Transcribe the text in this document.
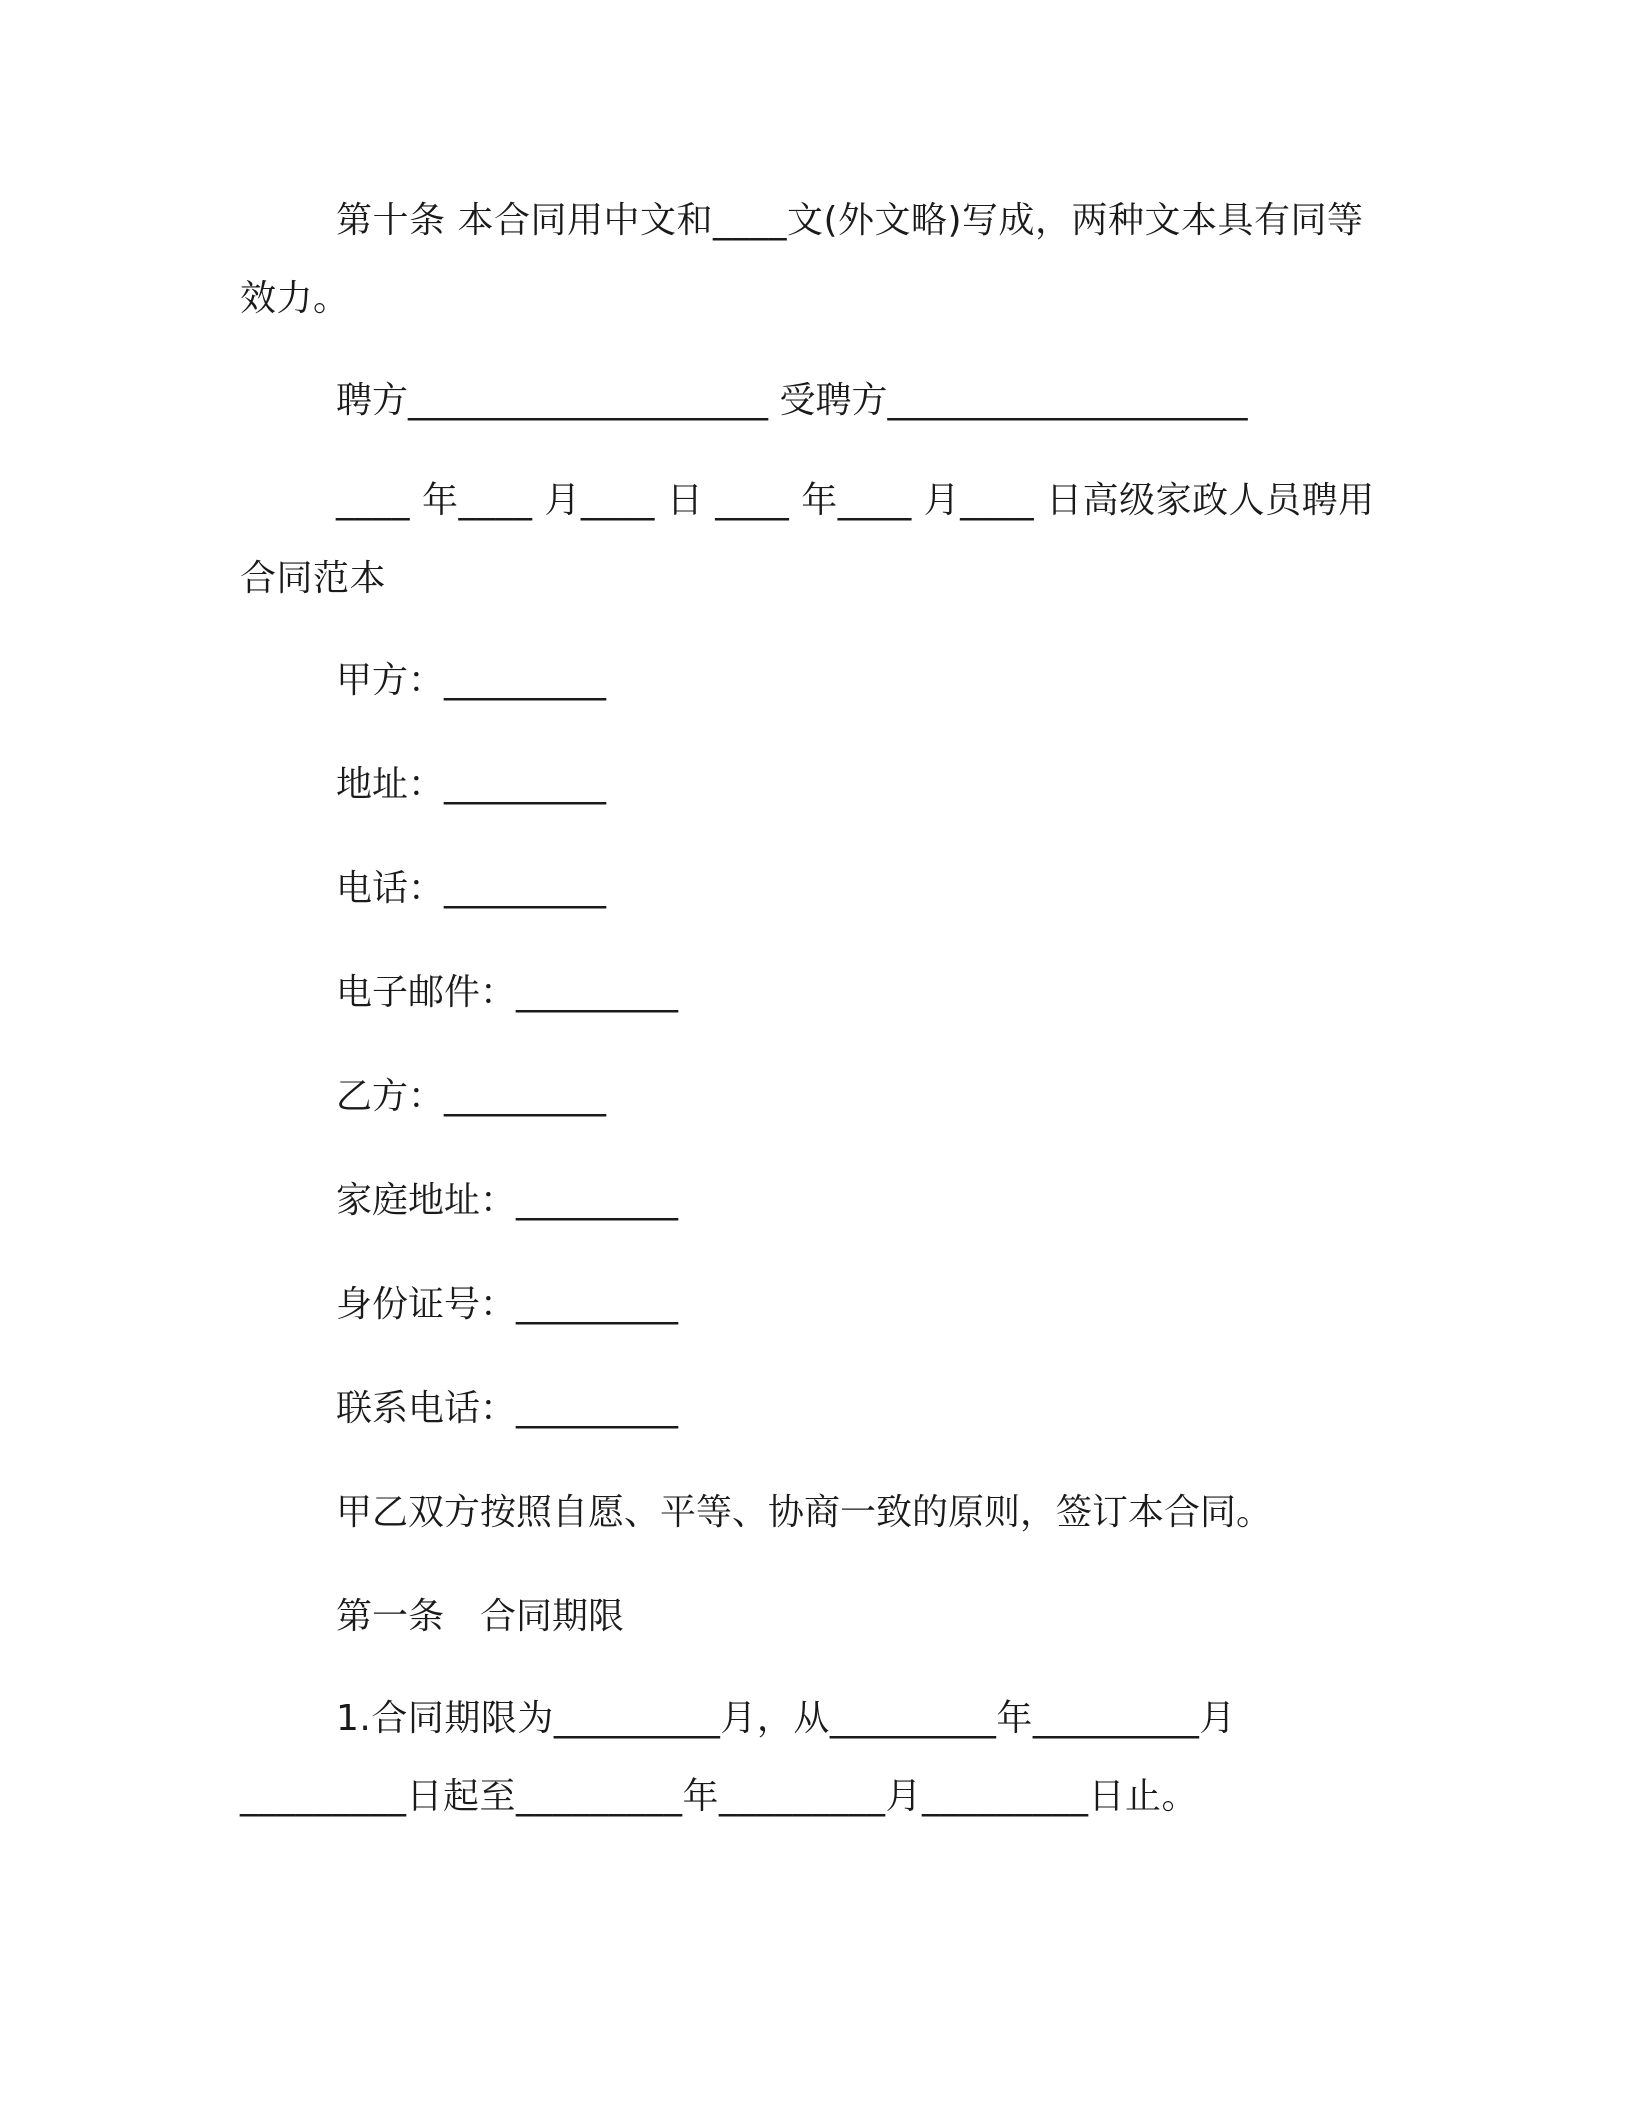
第十条 本合同用中文和____文(外文略)写成，两种文本具有同等效力。
聘方____________________ 受聘方____________________
____ 年____ 月____ 日 ____ 年____ 月____ 日高级家政人员聘用合同范本
甲方：_________
地址：_________
电话：_________
电子邮件：_________
乙方：_________
家庭地址：_________
身份证号：_________
联系电话：_________
甲乙双方按照自愿、平等、协商一致的原则，签订本合同。
第一条　合同期限
1.合同期限为_________月，从_________年_________月_________日起至_________年_________月_________日止。
